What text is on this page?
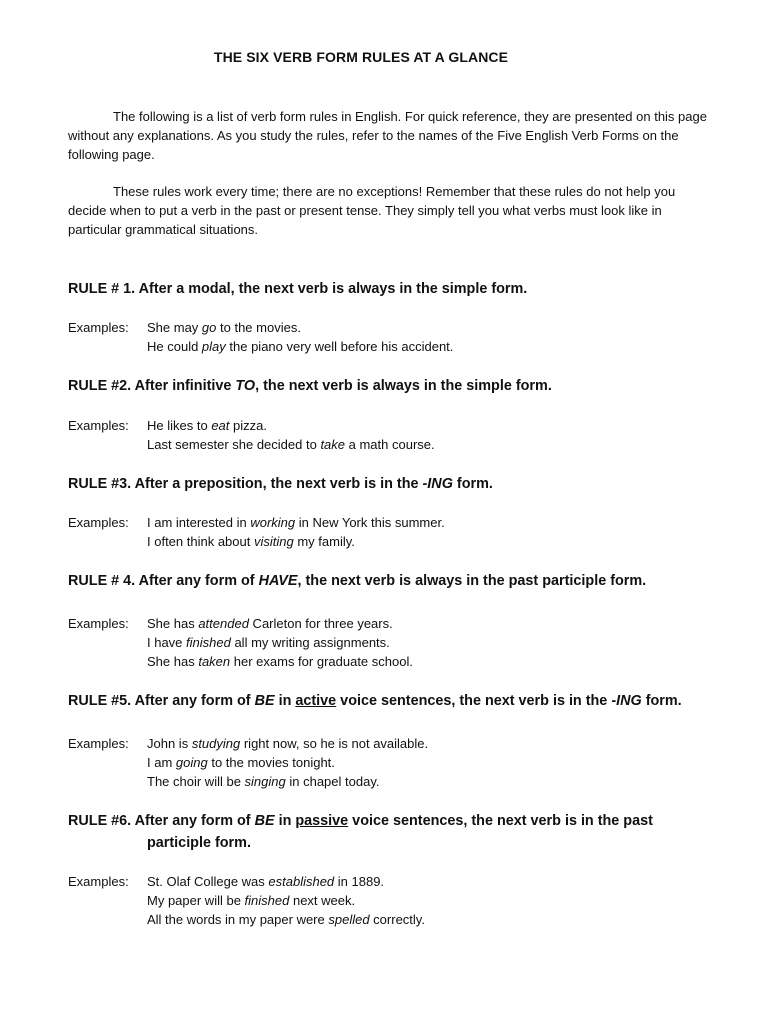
THE SIX VERB FORM RULES AT A GLANCE
The following is a list of verb form rules in English. For quick reference, they are presented on this page without any explanations. As you study the rules, refer to the names of the Five English Verb Forms on the following page.
These rules work every time; there are no exceptions! Remember that these rules do not help you decide when to put a verb in the past or present tense. They simply tell you what verbs must look like in particular grammatical situations.
RULE # 1. After a modal, the next verb is always in the simple form.
Examples: She may go to the movies.
He could play the piano very well before his accident.
RULE #2. After infinitive TO, the next verb is always in the simple form.
Examples: He likes to eat pizza.
Last semester she decided to take a math course.
RULE #3. After a preposition, the next verb is in the -ING form.
Examples: I am interested in working in New York this summer.
I often think about visiting my family.
RULE # 4. After any form of HAVE, the next verb is always in the past participle form.
Examples: She has attended Carleton for three years.
I have finished all my writing assignments.
She has taken her exams for graduate school.
RULE #5. After any form of BE in active voice sentences, the next verb is in the -ING form.
Examples: John is studying right now, so he is not available.
I am going to the movies tonight.
The choir will be singing in chapel today.
RULE #6. After any form of BE in passive voice sentences, the next verb is in the past
participle form.
Examples: St. Olaf College was established in 1889.
My paper will be finished next week.
All the words in my paper were spelled correctly.
